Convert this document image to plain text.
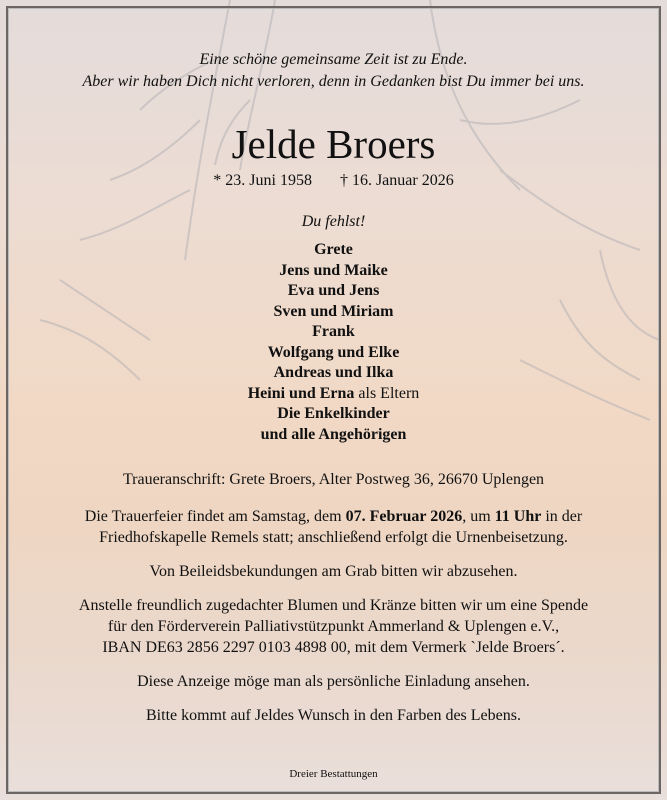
Eine schöne gemeinsame Zeit ist zu Ende.
Aber wir haben Dich nicht verloren, denn in Gedanken bist Du immer bei uns.
Jelde Broers
* 23. Juni 1958 † 16. Januar 2026
Du fehlst!
Grete
Jens und Maike
Eva und Jens
Sven und Miriam
Frank
Wolfgang und Elke
Andreas und Ilka
Heini und Erna als Eltern
Die Enkelkinder
und alle Angehörigen
Traueranschrift: Grete Broers, Alter Postweg 36, 26670 Uplengen
Die Trauerfeier findet am Samstag, dem 07. Februar 2026, um 11 Uhr in der
Friedhofskapelle Remels statt; anschließend erfolgt die Urnenbeisetzung.
Von Beileidsbekundungen am Grab bitten wir abzusehen.
Anstelle freundlich zugedachter Blumen und Kränze bitten wir um eine Spende
für den Förderverein Palliativstützpunkt Ammerland & Uplengen e.V.,
IBAN DE63 2856 2297 0103 4898 00, mit dem Vermerk `Jelde Broers´.
Diese Anzeige möge man als persönliche Einladung ansehen.
Bitte kommt auf Jeldes Wunsch in den Farben des Lebens.
Dreier Bestattungen
